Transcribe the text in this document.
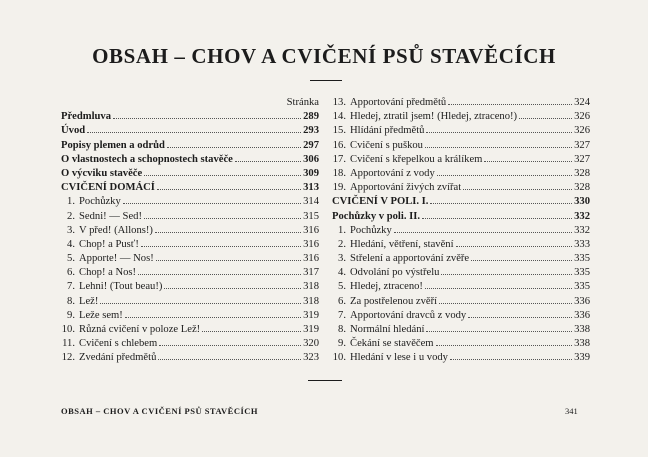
OBSAH – CHOV A CVIČENÍ PSŮ STAVĚCÍCH
Stránka
Předmluva	289
Úvod	293
Popisy plemen a odrůd	297
O vlastnostech a schopnostech stavěče	306
O výcviku stavěče	309
CVIČENÍ DOMÁCÍ	313
1. Pochůzky	314
2. Sedni! — Sed!	315
3. V před! (Allons!)	316
4. Chop! a Pusť!	316
5. Apporte! — Nos!	316
6. Chop! a Nos!	317
7. Lehni! (Tout beau!)	318
8. Lež!	318
9. Leže sem!	319
10. Různá cvičení v poloze Lež!	319
11. Cvičení s chlebem	320
12. Zvedání předmětů	323
13. Apportování předmětů	324
14. Hledej, ztratil jsem! (Hledej, ztraceno!)	326
15. Hlídání předmětů	326
16. Cvičení s puškou	327
17. Cvičení s křepelkou a králíkem	327
18. Apportování z vody	328
19. Apportování živých zvířat	328
CVIČENÍ V POLI. I.	330
Pochůzky v poli. II.	332
1. Pochůzky	332
2. Hledání, větření, stavění	333
3. Střelení a apportování zvěře	335
4. Odvolání po výstřelu	335
5. Hledej, ztraceno!	335
6. Za postřelenou zvěří	336
7. Apportování dravců z vody	336
8. Normální hledání	338
9. Čekání se stavěčem	338
10. Hledání v lese i u vody	339
OBSAH – CHOV A CVIČENÍ PSŮ STAVĚCÍCH	341
